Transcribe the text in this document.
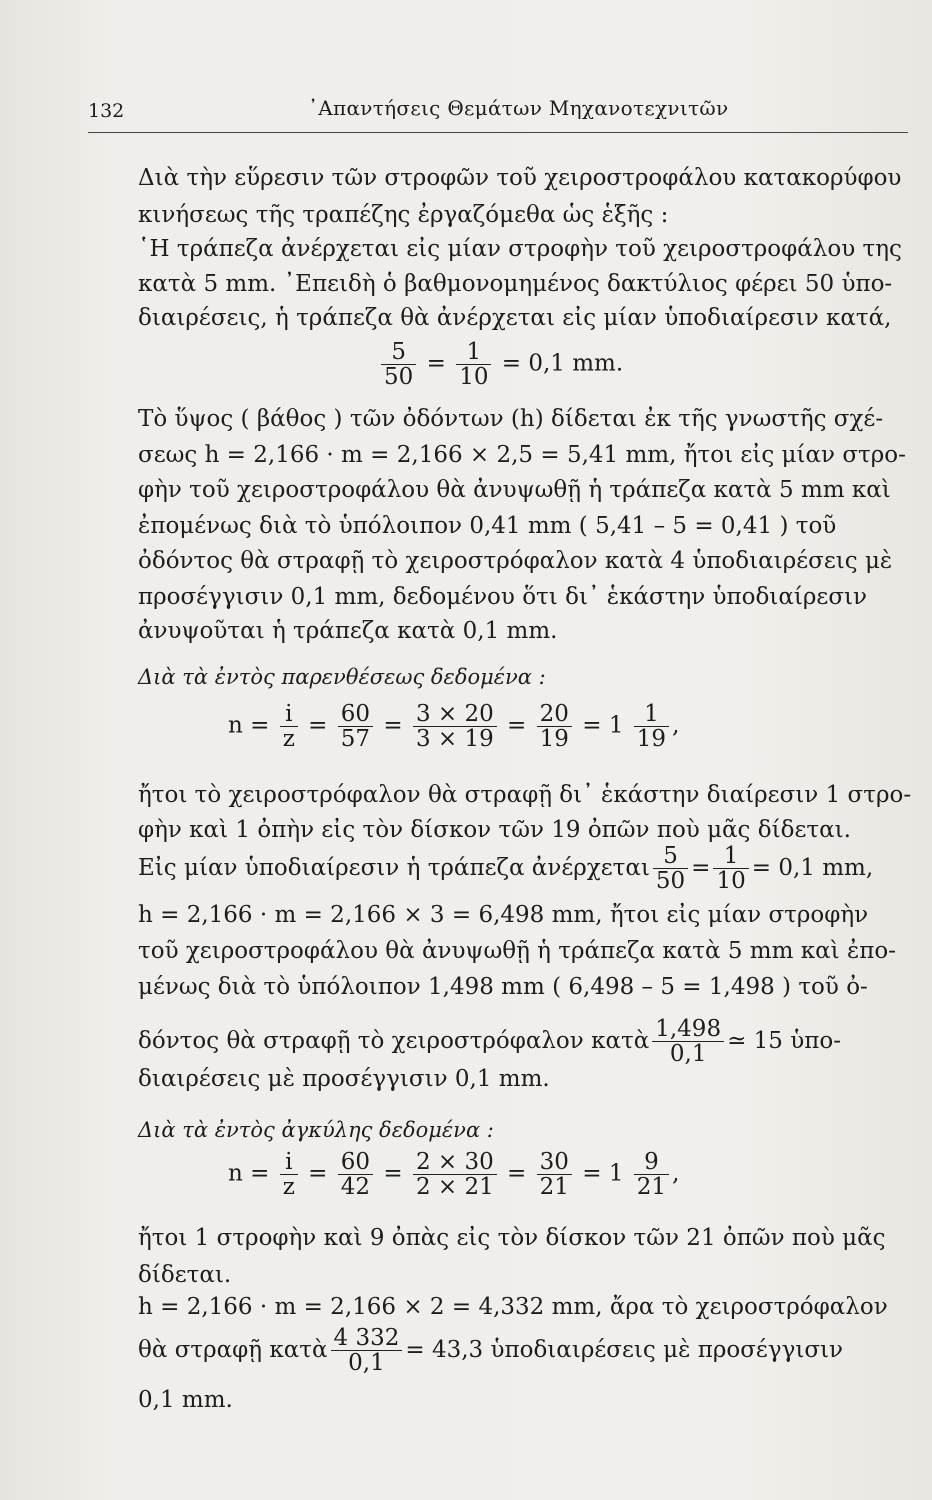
132	᾿Απαντήσεις Θεμάτων Μηχανοτεχνιτῶν
Διὰ τὴν εὕρεσιν τῶν στροφῶν τοῦ χειροστροφάλου κατακορύφου
κινήσεως τῆς τραπέζης ἐργαζόμεθα ὡς ἑξῆς :
῾Η τράπεζα ἀνέρχεται εἰς μίαν στροφὴν τοῦ χειροστροφάλου της
κατὰ 5 mm. ᾿Επειδὴ ὁ βαθμονομημένος δακτύλιος φέρει 50 ὑπο-
διαιρέσεις, ἡ τράπεζα θὰ ἀνέρχεται εἰς μίαν ὑποδιαίρεσιν κατά,
$\frac{5}{50} = \frac{1}{10} = 0,1$ mm.
Τὸ ὕψος ( βάθος ) τῶν ὀδόντων (h) δίδεται ἐκ τῆς γνωστῆς σχέ-
σεως h = 2,166 · m = 2,166 × 2,5 = 5,41 mm, ἤτοι εἰς μίαν στρο-
φὴν τοῦ χειροστροφάλου θὰ ἀνυψωθῇ ἡ τράπεζα κατὰ 5 mm καὶ
ἐπομένως διὰ τὸ ὑπόλοιπον 0,41 mm ( 5,41 – 5 = 0,41 ) τοῦ
ὀδόντος θὰ στραφῇ τὸ χειροστρόφαλον κατὰ 4 ὑποδιαιρέσεις μὲ
προσέγγισιν 0,1 mm, δεδομένου ὅτι δι᾿ ἑκάστην ὑποδιαίρεσιν
ἀνυψοῦται ἡ τράπεζα κατὰ 0,1 mm.
Διὰ τὰ ἐντὸς παρενθέσεως δεδομένα :
$n = \frac{i}{z} = \frac{60}{57} = \frac{3 \times 20}{3 \times 19} = \frac{20}{19} = 1 \frac{1}{19}$ ,
ἤτοι τὸ χειροστρόφαλον θὰ στραφῇ δι᾿ ἑκάστην διαίρεσιν 1 στρο-
φὴν καὶ 1 ὀπὴν εἰς τὸν δίσκον τῶν 19 ὀπῶν ποὺ μᾶς δίδεται.
Εἰς μίαν ὑποδιαίρεσιν ἡ τράπεζα ἀνέρχεται $\frac{5}{50} = \frac{1}{10} = 0,1$ mm,
h = 2,166 · m = 2,166 × 3 = 6,498 mm, ἤτοι εἰς μίαν στροφὴν
τοῦ χειροστροφάλου θὰ ἀνυψωθῇ ἡ τράπεζα κατὰ 5 mm καὶ ἐπο-
μένως διὰ τὸ ὑπόλοιπον 1,498 mm ( 6,498 – 5 = 1,498 ) τοῦ ὀ-
δόντος θὰ στραφῇ τὸ χειροστρόφαλον κατὰ $\frac{1,498}{0,1}$ ≃ 15 ὑπο-
διαιρέσεις μὲ προσέγγισιν 0,1 mm.
Διὰ τὰ ἐντὸς ἀγκύλης δεδομένα :
$n = \frac{i}{z} = \frac{60}{42} = \frac{2 \times 30}{2 \times 21} = \frac{30}{21} = 1 \frac{9}{21}$ ,
ἤτοι 1 στροφὴν καὶ 9 ὀπὰς εἰς τὸν δίσκον τῶν 21 ὀπῶν ποὺ μᾶς
δίδεται.
h = 2,166 · m = 2,166 × 2 = 4,332 mm, ἄρα τὸ χειροστρόφαλον
θὰ στραφῇ κατὰ $\frac{4 332}{0,1} = 43,3$ ὑποδιαιρέσεις μὲ προσέγγισιν
0,1 mm.
